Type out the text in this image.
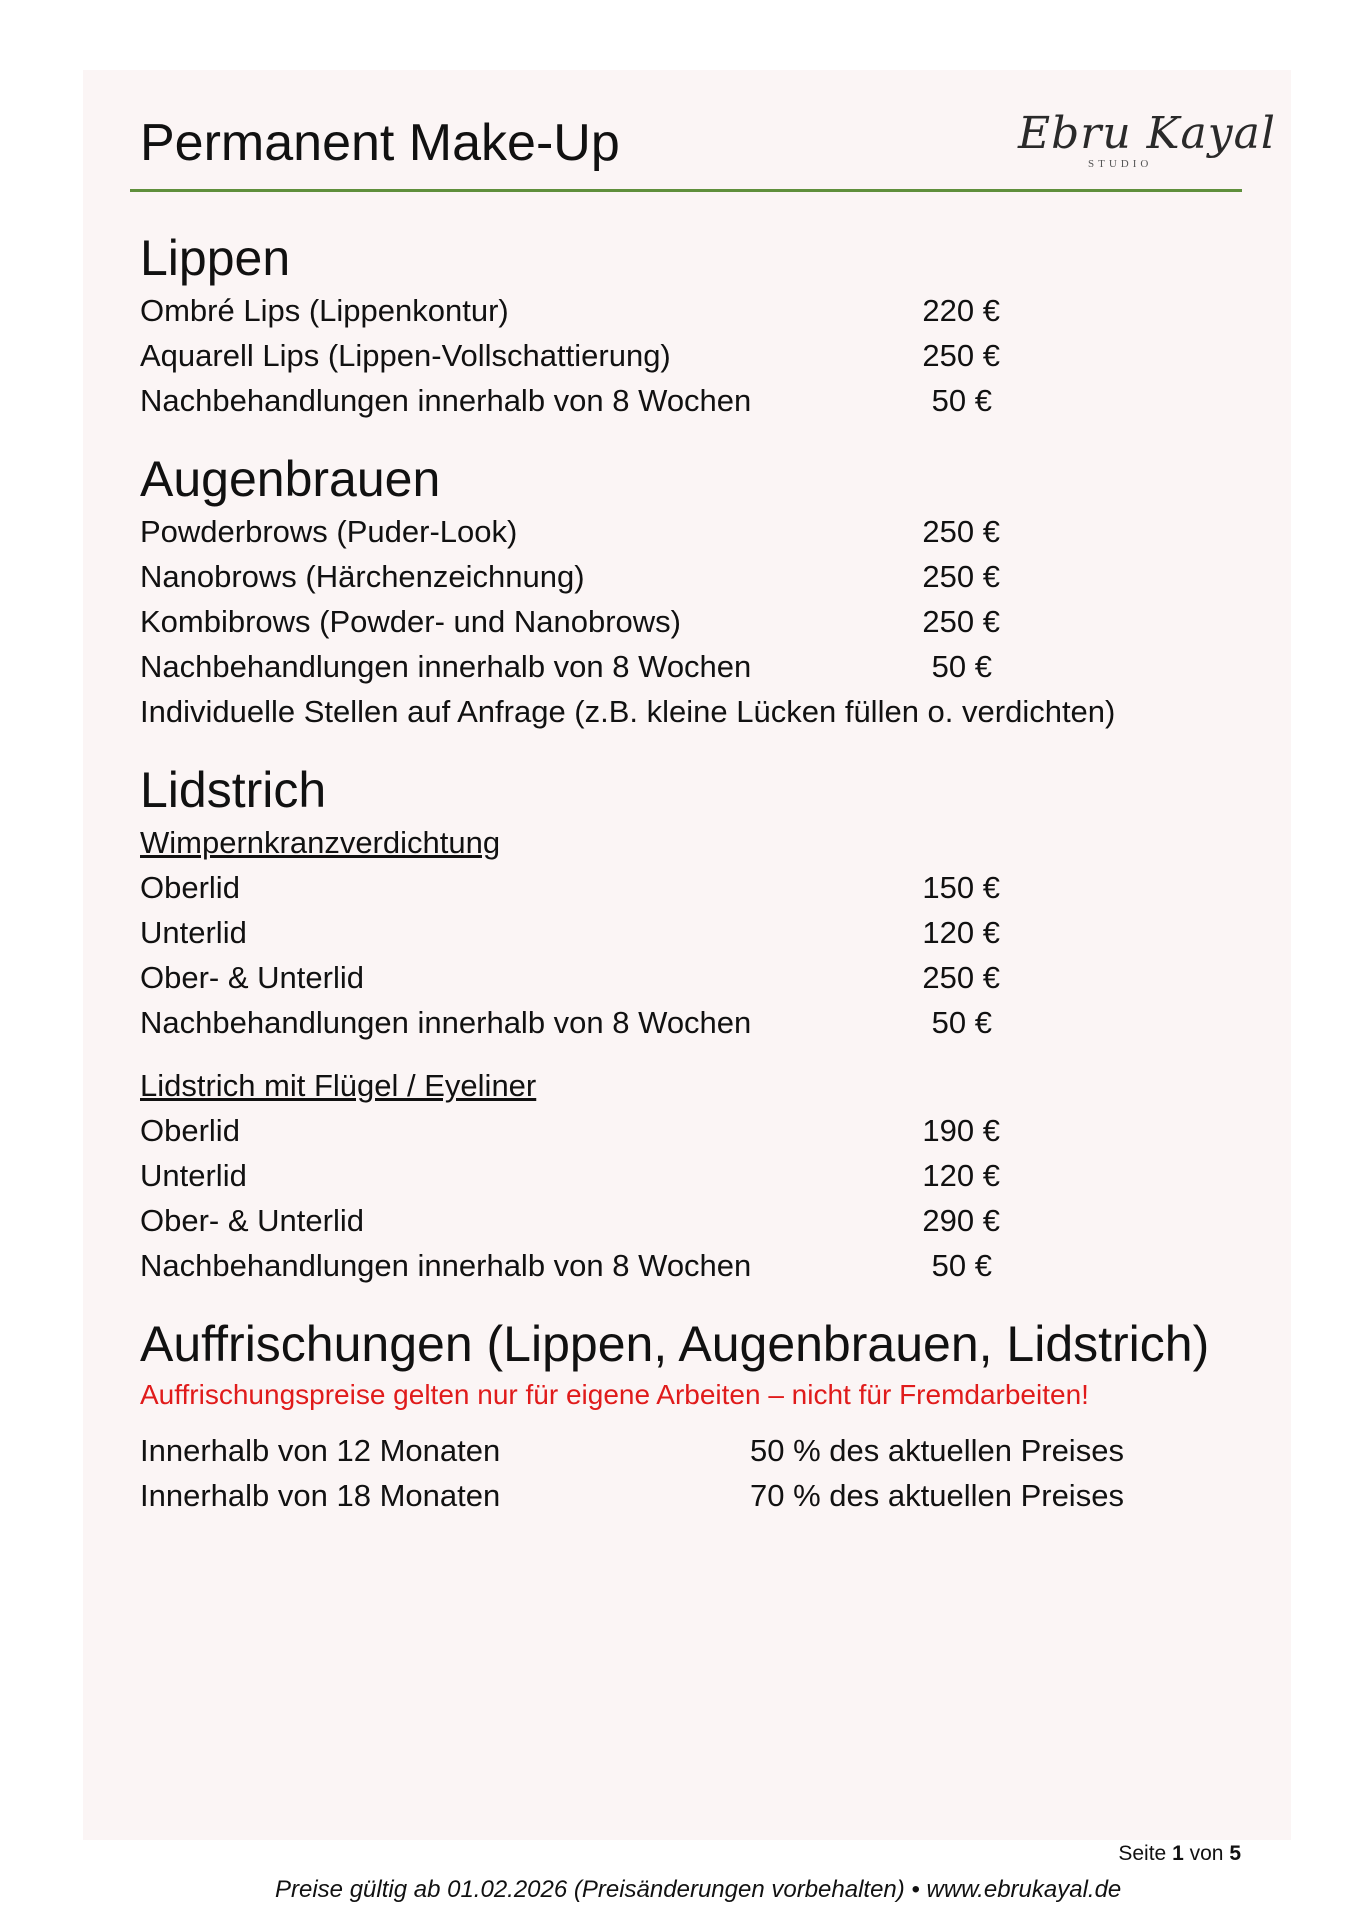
Permanent Make-Up	Ebru Kayal
STUDIO
Lippen
Ombré Lips (Lippenkontur)	220 €
Aquarell Lips (Lippen-Vollschattierung)	250 €
Nachbehandlungen innerhalb von 8 Wochen	50 €
Augenbrauen
Powderbrows (Puder-Look)	250 €
Nanobrows (Härchenzeichnung)	250 €
Kombibrows (Powder- und Nanobrows)	250 €
Nachbehandlungen innerhalb von 8 Wochen	50 €
Individuelle Stellen auf Anfrage (z.B. kleine Lücken füllen o. verdichten)
Lidstrich
Wimpernkranzverdichtung
Oberlid	150 €
Unterlid	120 €
Ober- & Unterlid	250 €
Nachbehandlungen innerhalb von 8 Wochen	50 €
Lidstrich mit Flügel / Eyeliner
Oberlid	190 €
Unterlid	120 €
Ober- & Unterlid	290 €
Nachbehandlungen innerhalb von 8 Wochen	50 €
Auffrischungen (Lippen, Augenbrauen, Lidstrich)
Auffrischungspreise gelten nur für eigene Arbeiten – nicht für Fremdarbeiten!
Innerhalb von 12 Monaten	50 % des aktuellen Preises
Innerhalb von 18 Monaten	70 % des aktuellen Preises
Seite 1 von 5
Preise gültig ab 01.02.2026 (Preisänderungen vorbehalten) • www.ebrukayal.de
